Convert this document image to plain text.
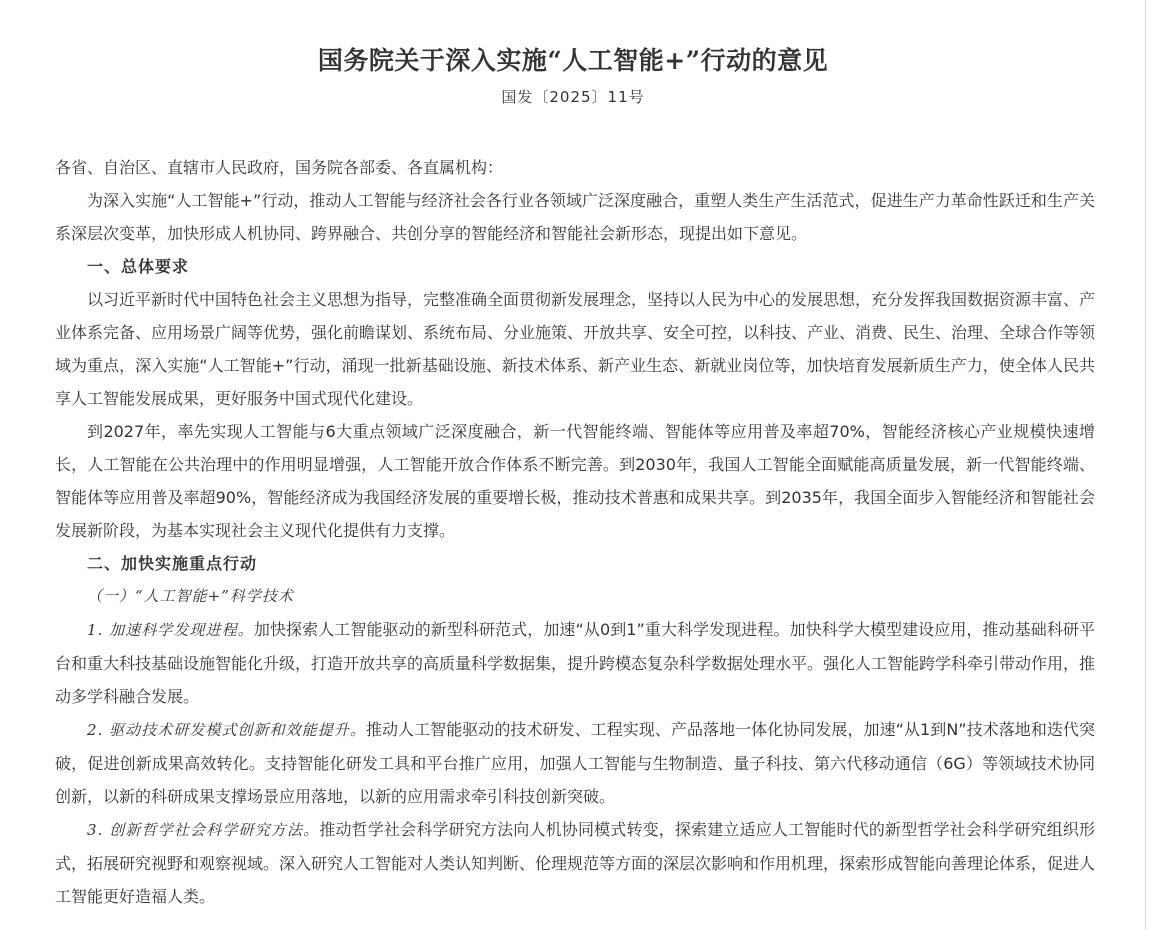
国务院关于深入实施“人工智能+”行动的意见
国发〔2025〕11号

各省、自治区、直辖市人民政府，国务院各部委、各直属机构：

为深入实施“人工智能+”行动，推动人工智能与经济社会各行业各领域广泛深度融合，重塑人类生产生活范式，促进生产力革命性跃迁和生产关系深层次变革，加快形成人机协同、跨界融合、共创分享的智能经济和智能社会新形态，现提出如下意见。

一、总体要求

以习近平新时代中国特色社会主义思想为指导，完整准确全面贯彻新发展理念，坚持以人民为中心的发展思想，充分发挥我国数据资源丰富、产业体系完备、应用场景广阔等优势，强化前瞻谋划、系统布局、分业施策、开放共享、安全可控，以科技、产业、消费、民生、治理、全球合作等领域为重点，深入实施“人工智能+”行动，涌现一批新基础设施、新技术体系、新产业生态、新就业岗位等，加快培育发展新质生产力，使全体人民共享人工智能发展成果，更好服务中国式现代化建设。

到2027年，率先实现人工智能与6大重点领域广泛深度融合，新一代智能终端、智能体等应用普及率超70%，智能经济核心产业规模快速增长，人工智能在公共治理中的作用明显增强，人工智能开放合作体系不断完善。到2030年，我国人工智能全面赋能高质量发展，新一代智能终端、智能体等应用普及率超90%，智能经济成为我国经济发展的重要增长极，推动技术普惠和成果共享。到2035年，我国全面步入智能经济和智能社会发展新阶段，为基本实现社会主义现代化提供有力支撑。

二、加快实施重点行动

（一）“人工智能+”科学技术

1. 加速科学发现进程。加快探索人工智能驱动的新型科研范式，加速“从0到1”重大科学发现进程。加快科学大模型建设应用，推动基础科研平台和重大科技基础设施智能化升级，打造开放共享的高质量科学数据集，提升跨模态复杂科学数据处理水平。强化人工智能跨学科牵引带动作用，推动多学科融合发展。

2. 驱动技术研发模式创新和效能提升。推动人工智能驱动的技术研发、工程实现、产品落地一体化协同发展，加速“从1到N”技术落地和迭代突破，促进创新成果高效转化。支持智能化研发工具和平台推广应用，加强人工智能与生物制造、量子科技、第六代移动通信（6G）等领域技术协同创新，以新的科研成果支撑场景应用落地，以新的应用需求牵引科技创新突破。

3. 创新哲学社会科学研究方法。推动哲学社会科学研究方法向人机协同模式转变，探索建立适应人工智能时代的新型哲学社会科学研究组织形式，拓展研究视野和观察视域。深入研究人工智能对人类认知判断、伦理规范等方面的深层次影响和作用机理，探索形成智能向善理论体系，促进人工智能更好造福人类。
